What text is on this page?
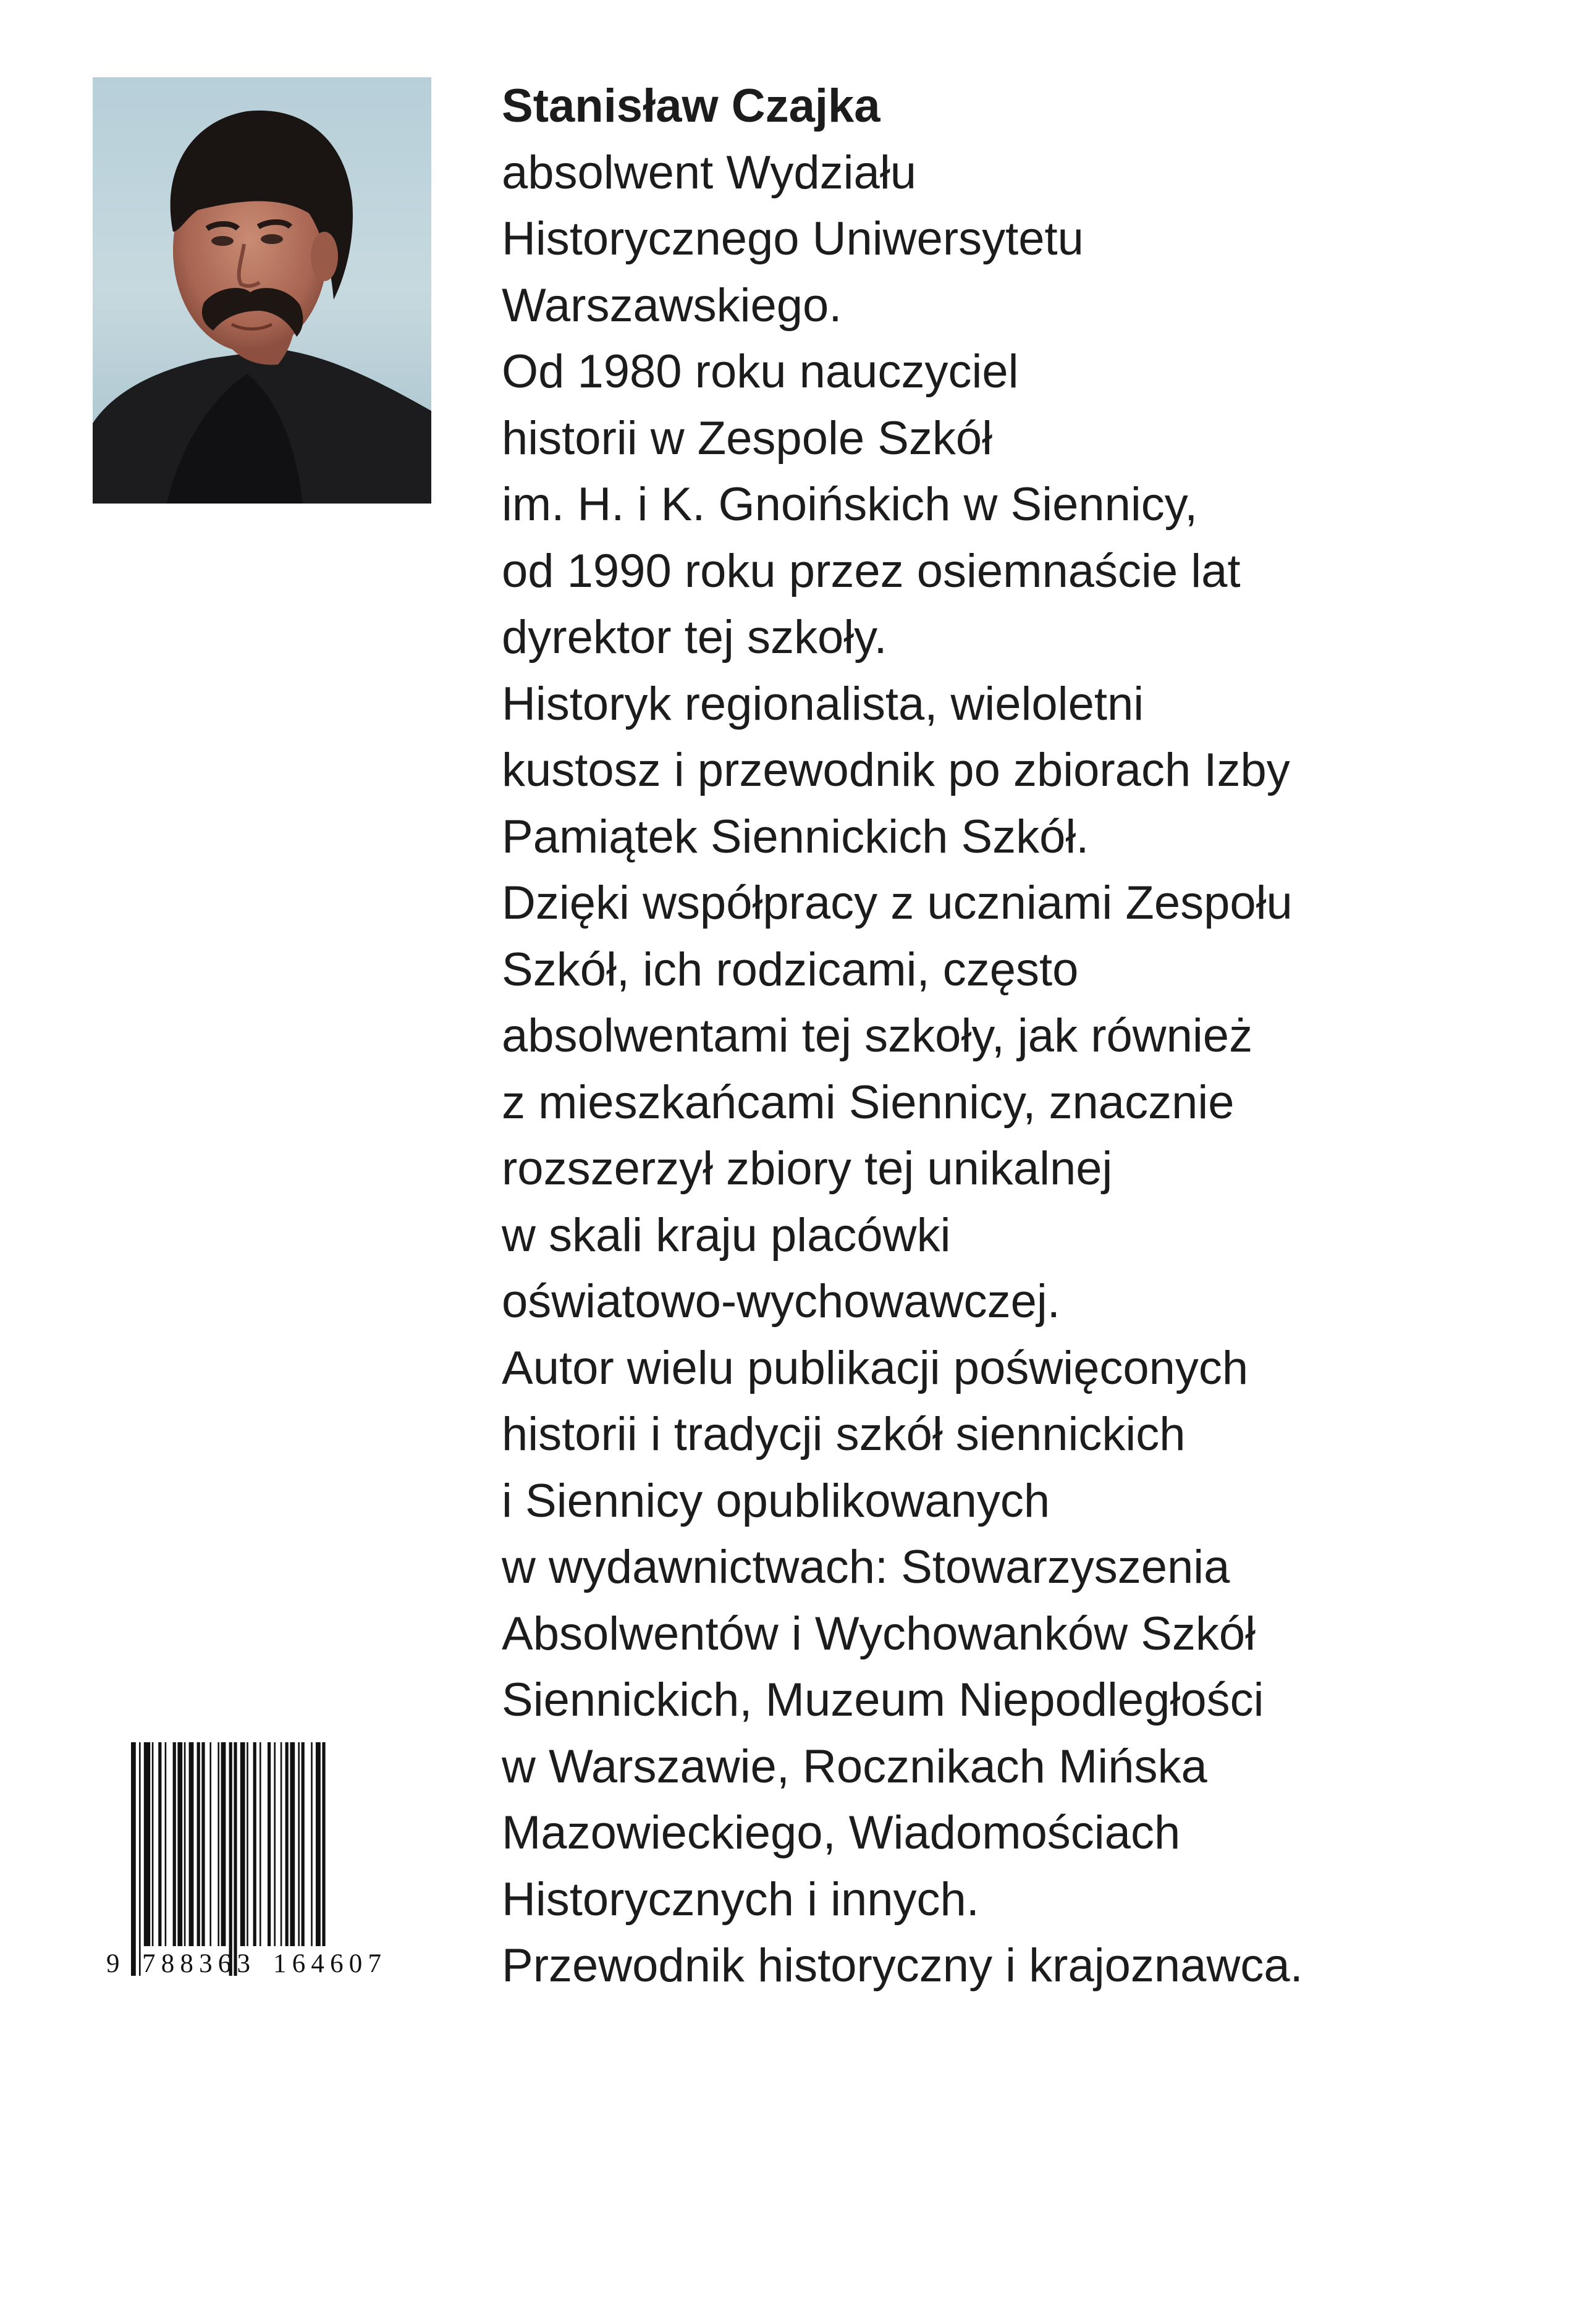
Stanisław Czajka
absolwent Wydziału
Historycznego Uniwersytetu
Warszawskiego.
Od 1980 roku nauczyciel
historii w Zespole Szkół
im. H. i K. Gnoińskich w Siennicy,
od 1990 roku przez osiemnaście lat
dyrektor tej szkoły.
Historyk regionalista, wieloletni
kustosz i przewodnik po zbiorach Izby
Pamiątek Siennickich Szkół.
Dzięki współpracy z uczniami Zespołu
Szkół, ich rodzicami, często
absolwentami tej szkoły, jak również
z mieszkańcami Siennicy, znacznie
rozszerzył zbiory tej unikalnej
w skali kraju placówki
oświatowo-wychowawczej.
Autor wielu publikacji poświęconych
historii i tradycji szkół siennickich
i Siennicy opublikowanych
w wydawnictwach: Stowarzyszenia
Absolwentów i Wychowanków Szkół
Siennickich, Muzeum Niepodległości
w Warszawie, Rocznikach Mińska
Mazowieckiego, Wiadomościach
Historycznych i innych.
Przewodnik historyczny i krajoznawca.
9 788363 164607
